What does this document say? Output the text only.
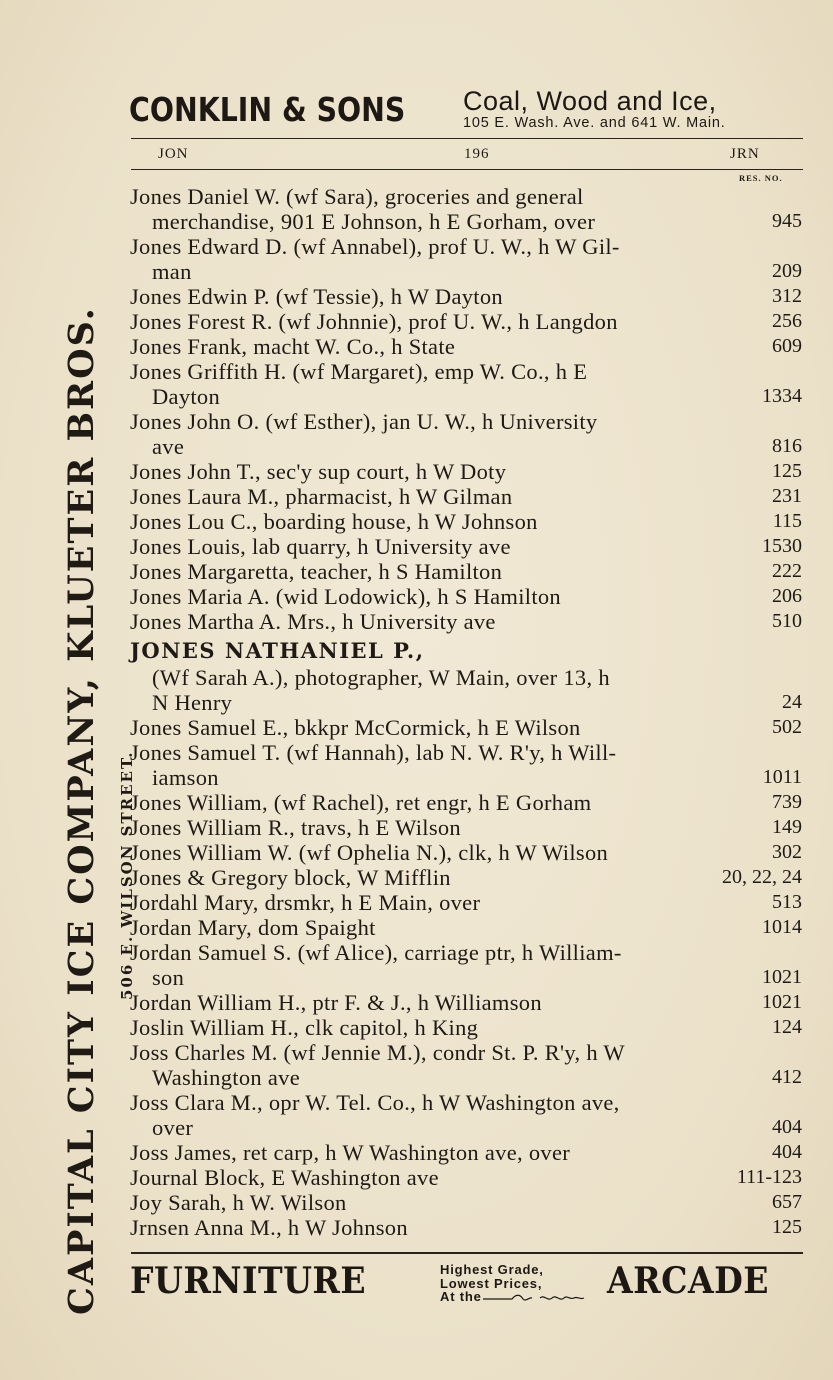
CAPITAL CITY ICE COMPANY, KLUETER BROS. 506 E. WILSON STREET.
CONKLIN & SONS Coal, Wood and Ice,
105 E. Wash. Ave. and 641 W. Main.
JON	196	JRN
RES. NO.
Jones Daniel W. (wf Sara), groceries and general
merchandise, 901 E Johnson, h E Gorham, over	945
Jones Edward D. (wf Annabel), prof U. W., h W Gil-
man	209
Jones Edwin P. (wf Tessie), h W Dayton	312
Jones Forest R. (wf Johnnie), prof U. W., h Langdon	256
Jones Frank, macht W. Co., h State	609
Jones Griffith H. (wf Margaret), emp W. Co., h E
Dayton	1334
Jones John O. (wf Esther), jan U. W., h University
ave	816
Jones John T., sec'y sup court, h W Doty	125
Jones Laura M., pharmacist, h W Gilman	231
Jones Lou C., boarding house, h W Johnson	115
Jones Louis, lab quarry, h University ave	1530
Jones Margaretta, teacher, h S Hamilton	222
Jones Maria A. (wid Lodowick), h S Hamilton	206
Jones Martha A. Mrs., h University ave	510
JONES NATHANIEL P.,
(Wf Sarah A.), photographer, W Main, over 13, h
N Henry	24
Jones Samuel E., bkkpr McCormick, h E Wilson	502
Jones Samuel T. (wf Hannah), lab N. W. R'y, h Will-
iamson	1011
Jones William, (wf Rachel), ret engr, h E Gorham	739
Jones William R., travs, h E Wilson	149
Jones William W. (wf Ophelia N.), clk, h W Wilson	302
Jones & Gregory block, W Mifflin	20, 22, 24
Jordahl Mary, drsmkr, h E Main, over	513
Jordan Mary, dom Spaight	1014
Jordan Samuel S. (wf Alice), carriage ptr, h William-
son	1021
Jordan William H., ptr F. & J., h Williamson	1021
Joslin William H., clk capitol, h King	124
Joss Charles M. (wf Jennie M.), condr St. P. R'y, h W
Washington ave	412
Joss Clara M., opr W. Tel. Co., h W Washington ave,
over	404
Joss James, ret carp, h W Washington ave, over	404
Journal Block, E Washington ave	111-123
Joy Sarah, h W. Wilson	657
Jrnsen Anna M., h W Johnson	125
FURNITURE	Highest Grade,
Lowest Prices,
At the	ARCADE
